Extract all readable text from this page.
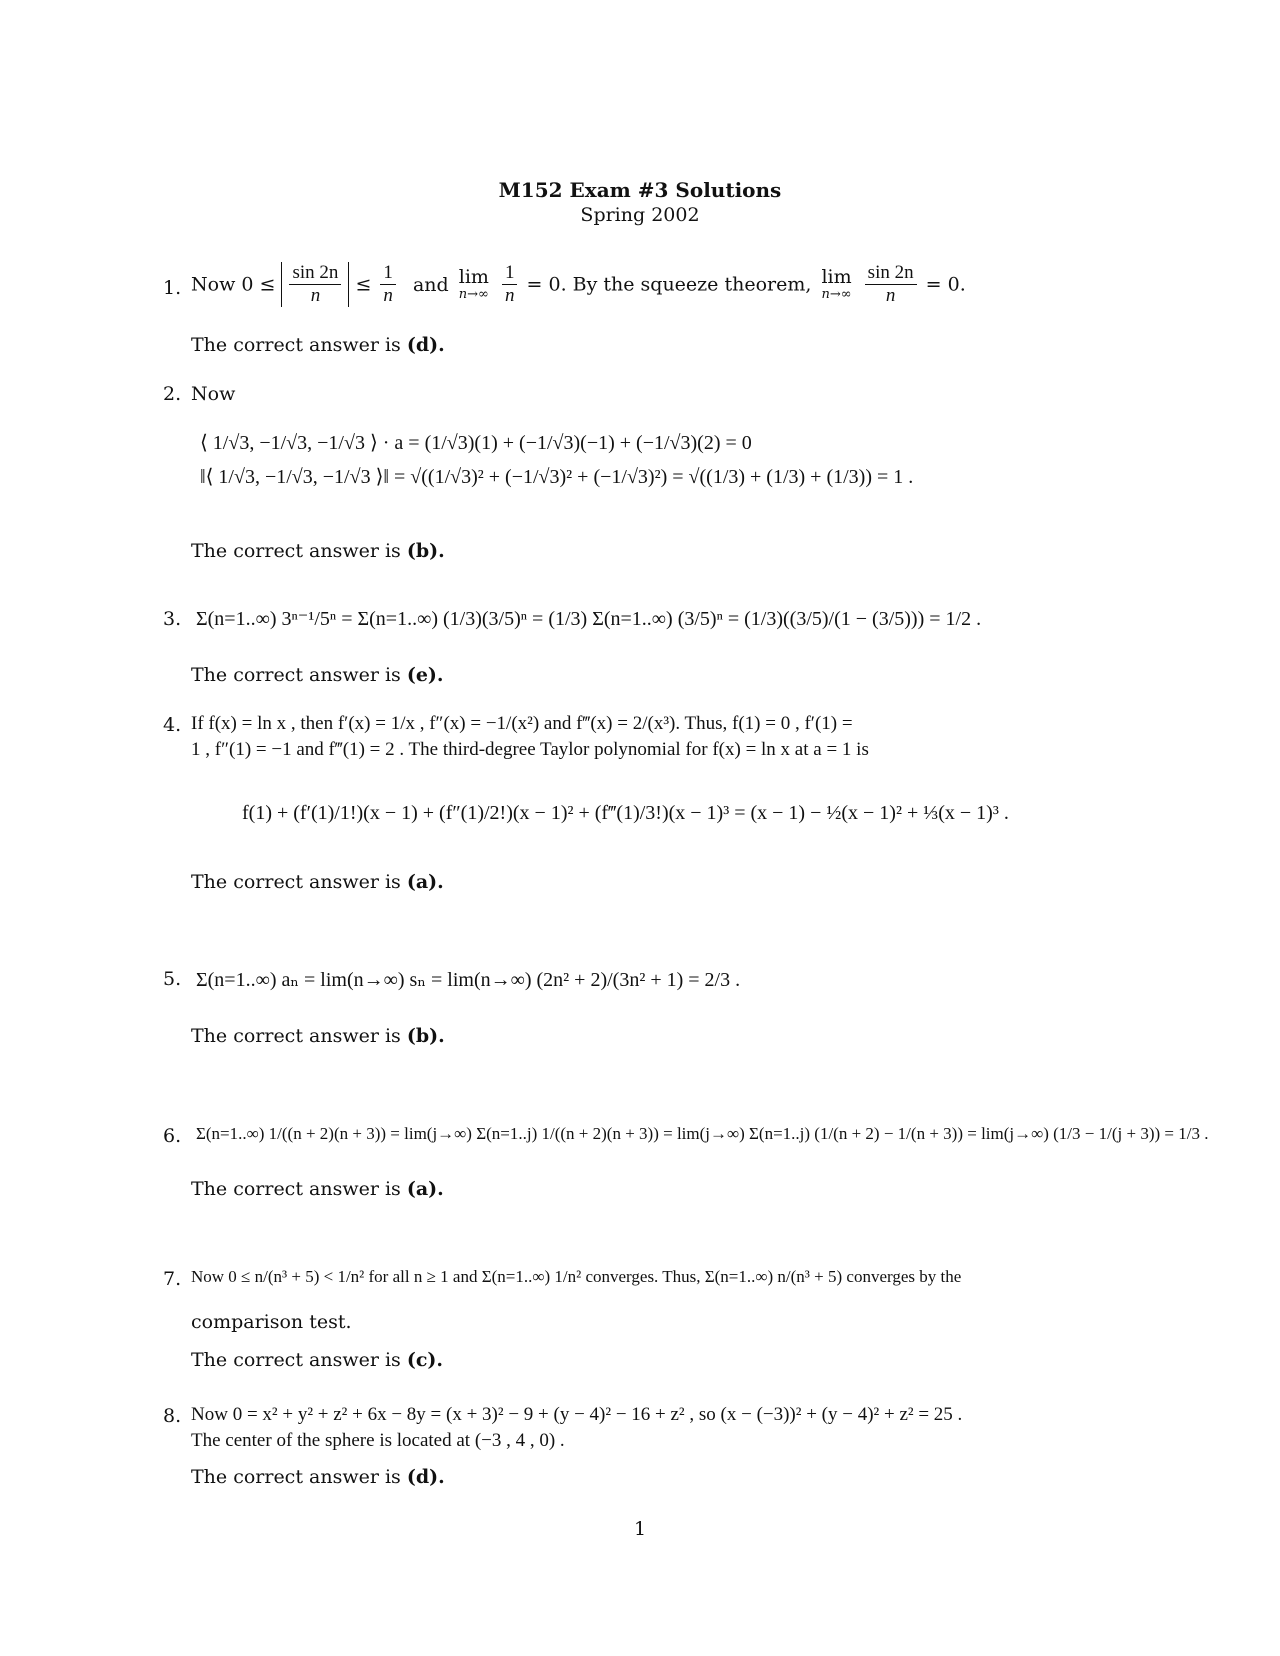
M152 Exam #3 Solutions
Spring 2002
1. Now $0 \le \frac{\sin 2n}{n} \le \frac{1}{n}$ and lim
n→∞
$\frac{1}{n} = 0$. By the squeeze theorem, lim
n→∞
$\frac{\sin 2n}{n} = 0$.
The correct answer is (d).
2. Now
⟨ 1/√3, −1/√3, −1/√3 ⟩ · a = (1/√3)(1) + (−1/√3)(−1) + (−1/√3)(2) = 0
‖⟨ 1/√3, −1/√3, −1/√3 ⟩‖ = √((1/√3)² + (−1/√3)² + (−1/√3)²) = √((1/3) + (1/3) + (1/3)) = 1 .
The correct answer is (b).
3. Σ(n=1..∞) 3ⁿ⁻¹/5ⁿ = Σ(n=1..∞) (1/3)(3/5)ⁿ = (1/3) Σ(n=1..∞) (3/5)ⁿ = (1/3)((3/5)/(1 − (3/5))) = 1/2 .
The correct answer is (e).
4. If f(x) = ln x , then f′(x) = 1/x , f″(x) = −1/(x²) and f‴(x) = 2/(x³). Thus, f(1) = 0 , f′(1) =
1 , f″(1) = −1 and f‴(1) = 2 . The third-degree Taylor polynomial for f(x) = ln x at a = 1 is
f(1) + (f′(1)/1!)(x − 1) + (f″(1)/2!)(x − 1)² + (f‴(1)/3!)(x − 1)³ = (x − 1) − ½(x − 1)² + ⅓(x − 1)³ .
The correct answer is (a).
5. Σ(n=1..∞) aₙ = lim(n→∞) sₙ = lim(n→∞) (2n² + 2)/(3n² + 1) = 2/3 .
The correct answer is (b).
6. Σ(n=1..∞) 1/((n + 2)(n + 3)) = lim(j→∞) Σ(n=1..j) 1/((n + 2)(n + 3)) = lim(j→∞) Σ(n=1..j) (1/(n + 2) − 1/(n + 3)) = lim(j→∞) (1/3 − 1/(j + 3)) = 1/3 .
The correct answer is (a).
7. Now 0 ≤ n/(n³ + 5) < 1/n² for all n ≥ 1 and Σ(n=1..∞) 1/n² converges. Thus, Σ(n=1..∞) n/(n³ + 5) converges by the
comparison test.
The correct answer is (c).
8. Now 0 = x² + y² + z² + 6x − 8y = (x + 3)² − 9 + (y − 4)² − 16 + z² , so (x − (−3))² + (y − 4)² + z² = 25 .
The center of the sphere is located at (−3 , 4 , 0) .
The correct answer is (d).
1
